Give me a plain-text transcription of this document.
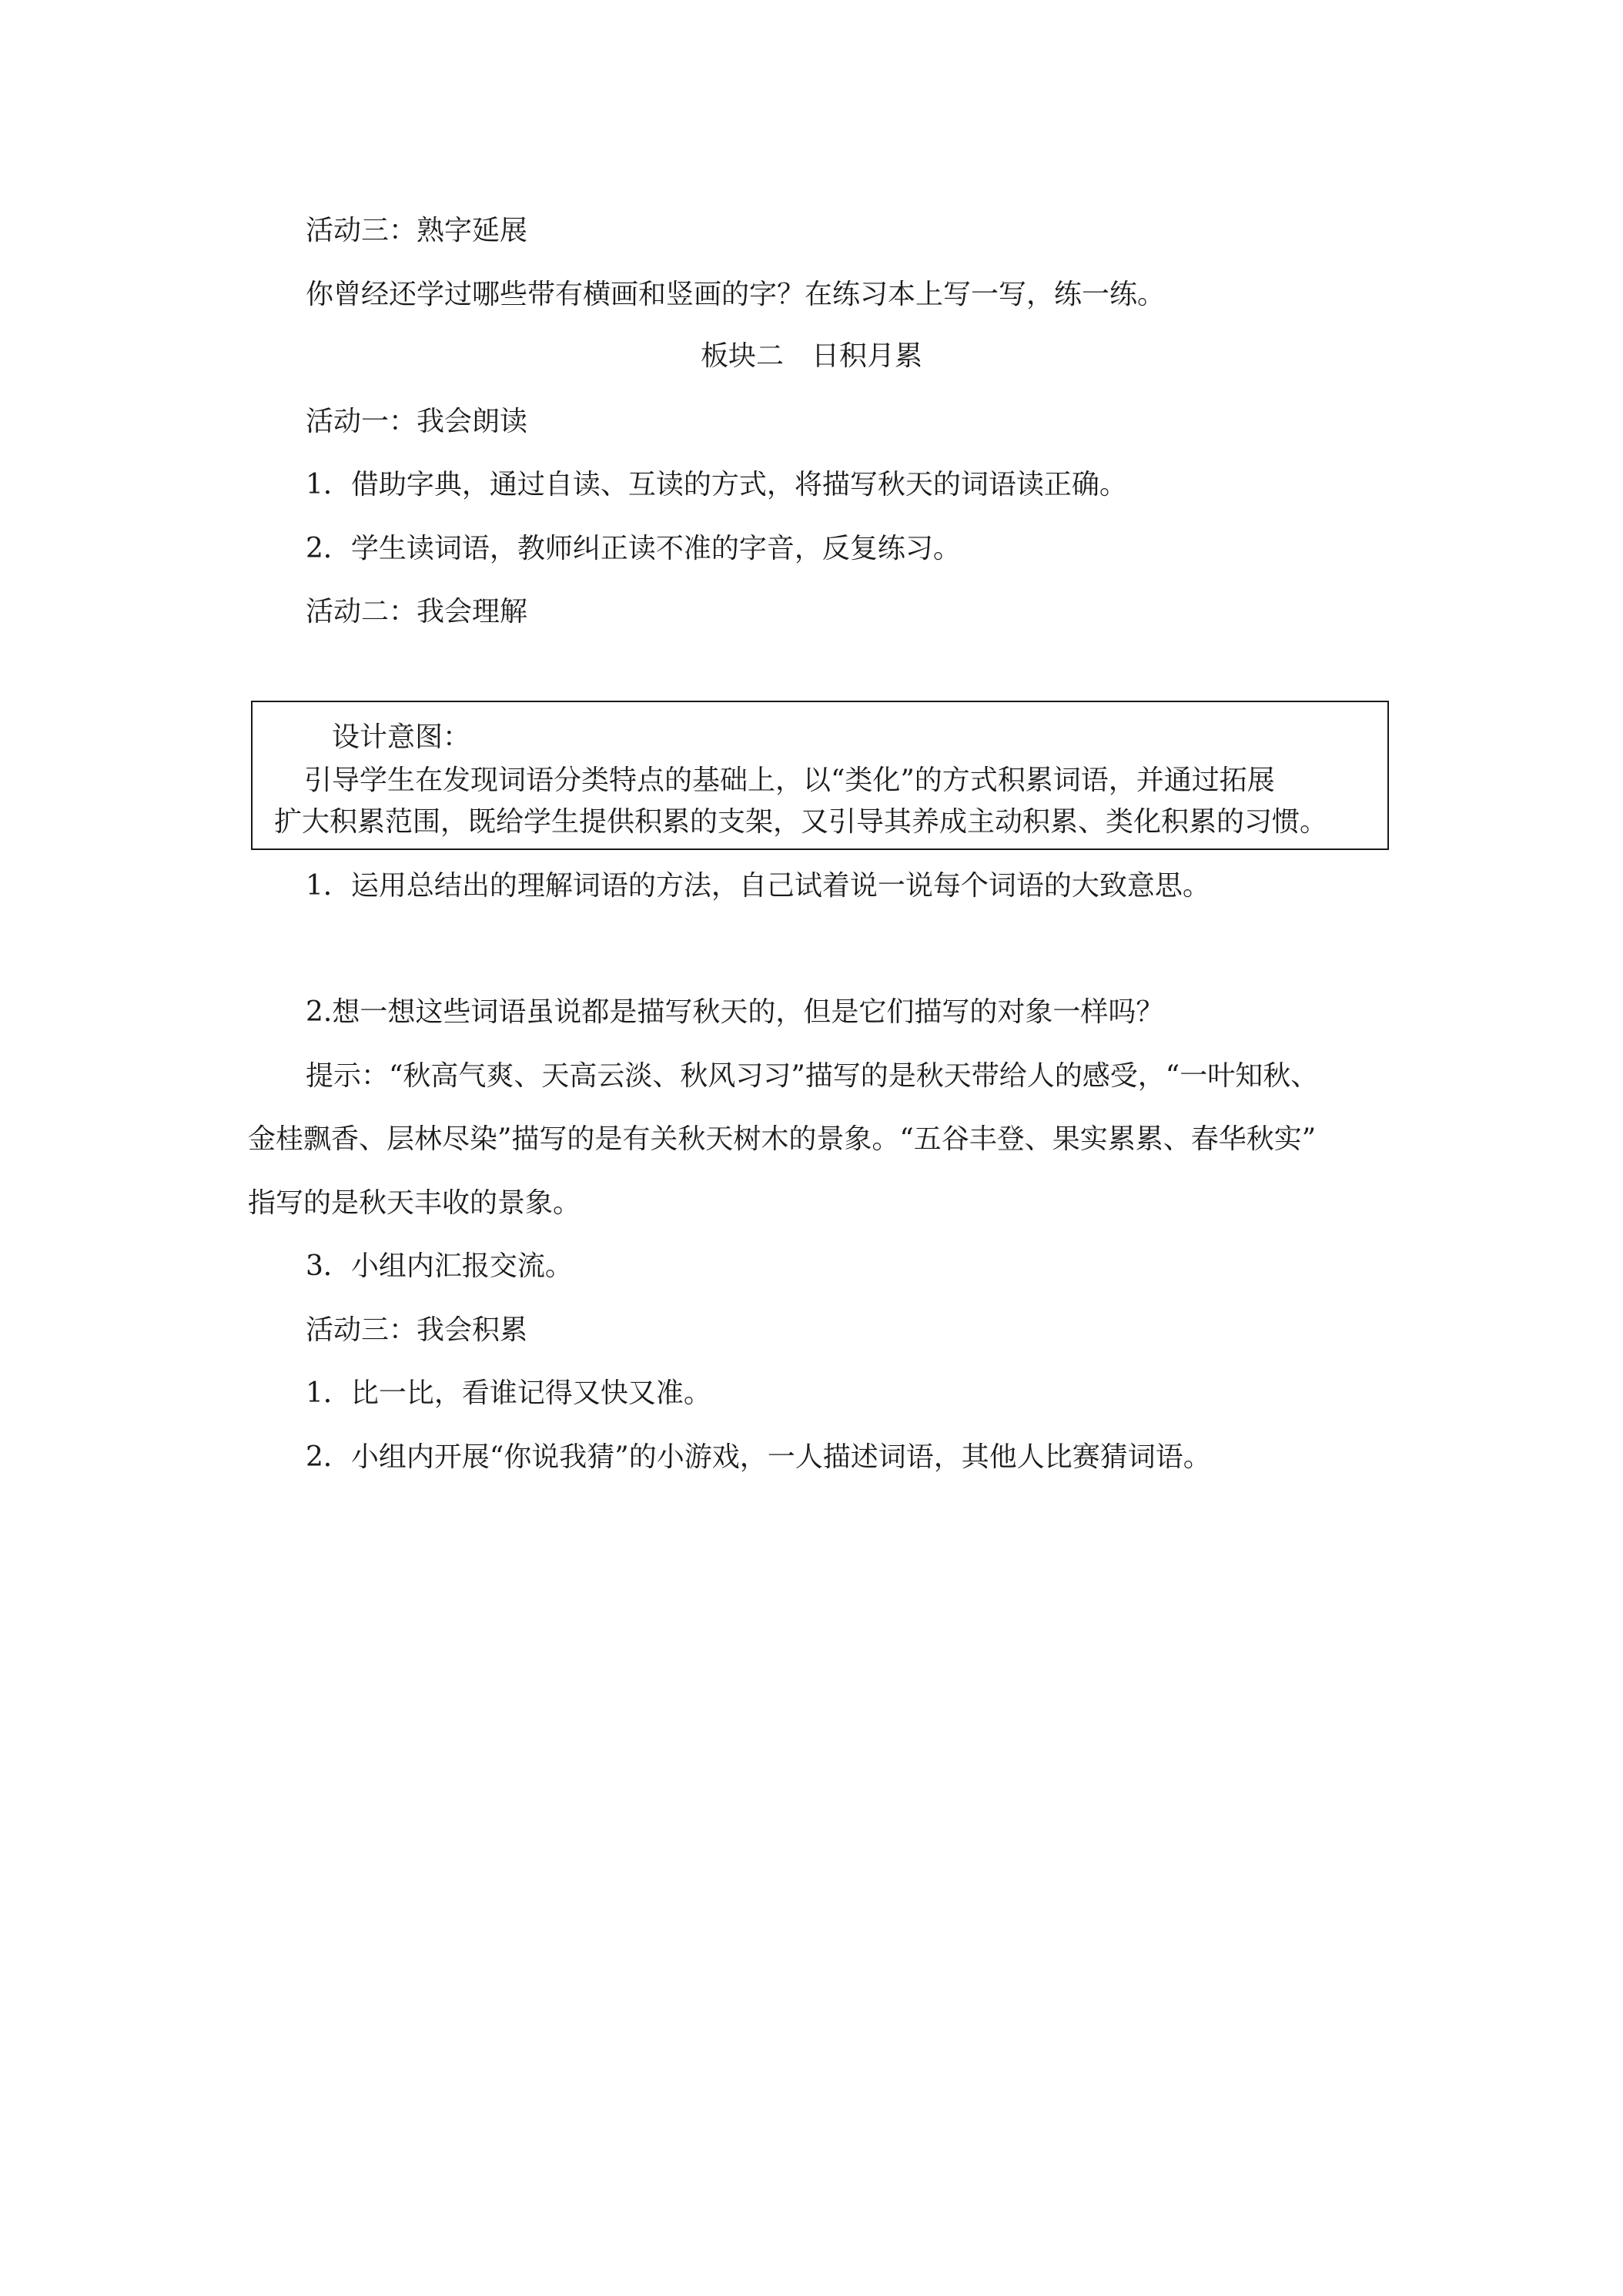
活动三：熟字延展
你曾经还学过哪些带有横画和竖画的字？在练习本上写一写，练一练。
板块二　日积月累
活动一：我会朗读
1．借助字典，通过自读、互读的方式，将描写秋天的词语读正确。
2．学生读词语，教师纠正读不准的字音，反复练习。
活动二：我会理解
设计意图：
引导学生在发现词语分类特点的基础上，以“类化”的方式积累词语，并通过拓展
扩大积累范围，既给学生提供积累的支架，又引导其养成主动积累、类化积累的习惯。
1．运用总结出的理解词语的方法，自己试着说一说每个词语的大致意思。
2.想一想这些词语虽说都是描写秋天的，但是它们描写的对象一样吗？
提示：“秋高气爽、天高云淡、秋风习习”描写的是秋天带给人的感受，“一叶知秋、
金桂飘香、层林尽染”描写的是有关秋天树木的景象。“五谷丰登、果实累累、春华秋实”
指写的是秋天丰收的景象。
3．小组内汇报交流。
活动三：我会积累
1．比一比，看谁记得又快又准。
2．小组内开展“你说我猜”的小游戏，一人描述词语，其他人比赛猜词语。
